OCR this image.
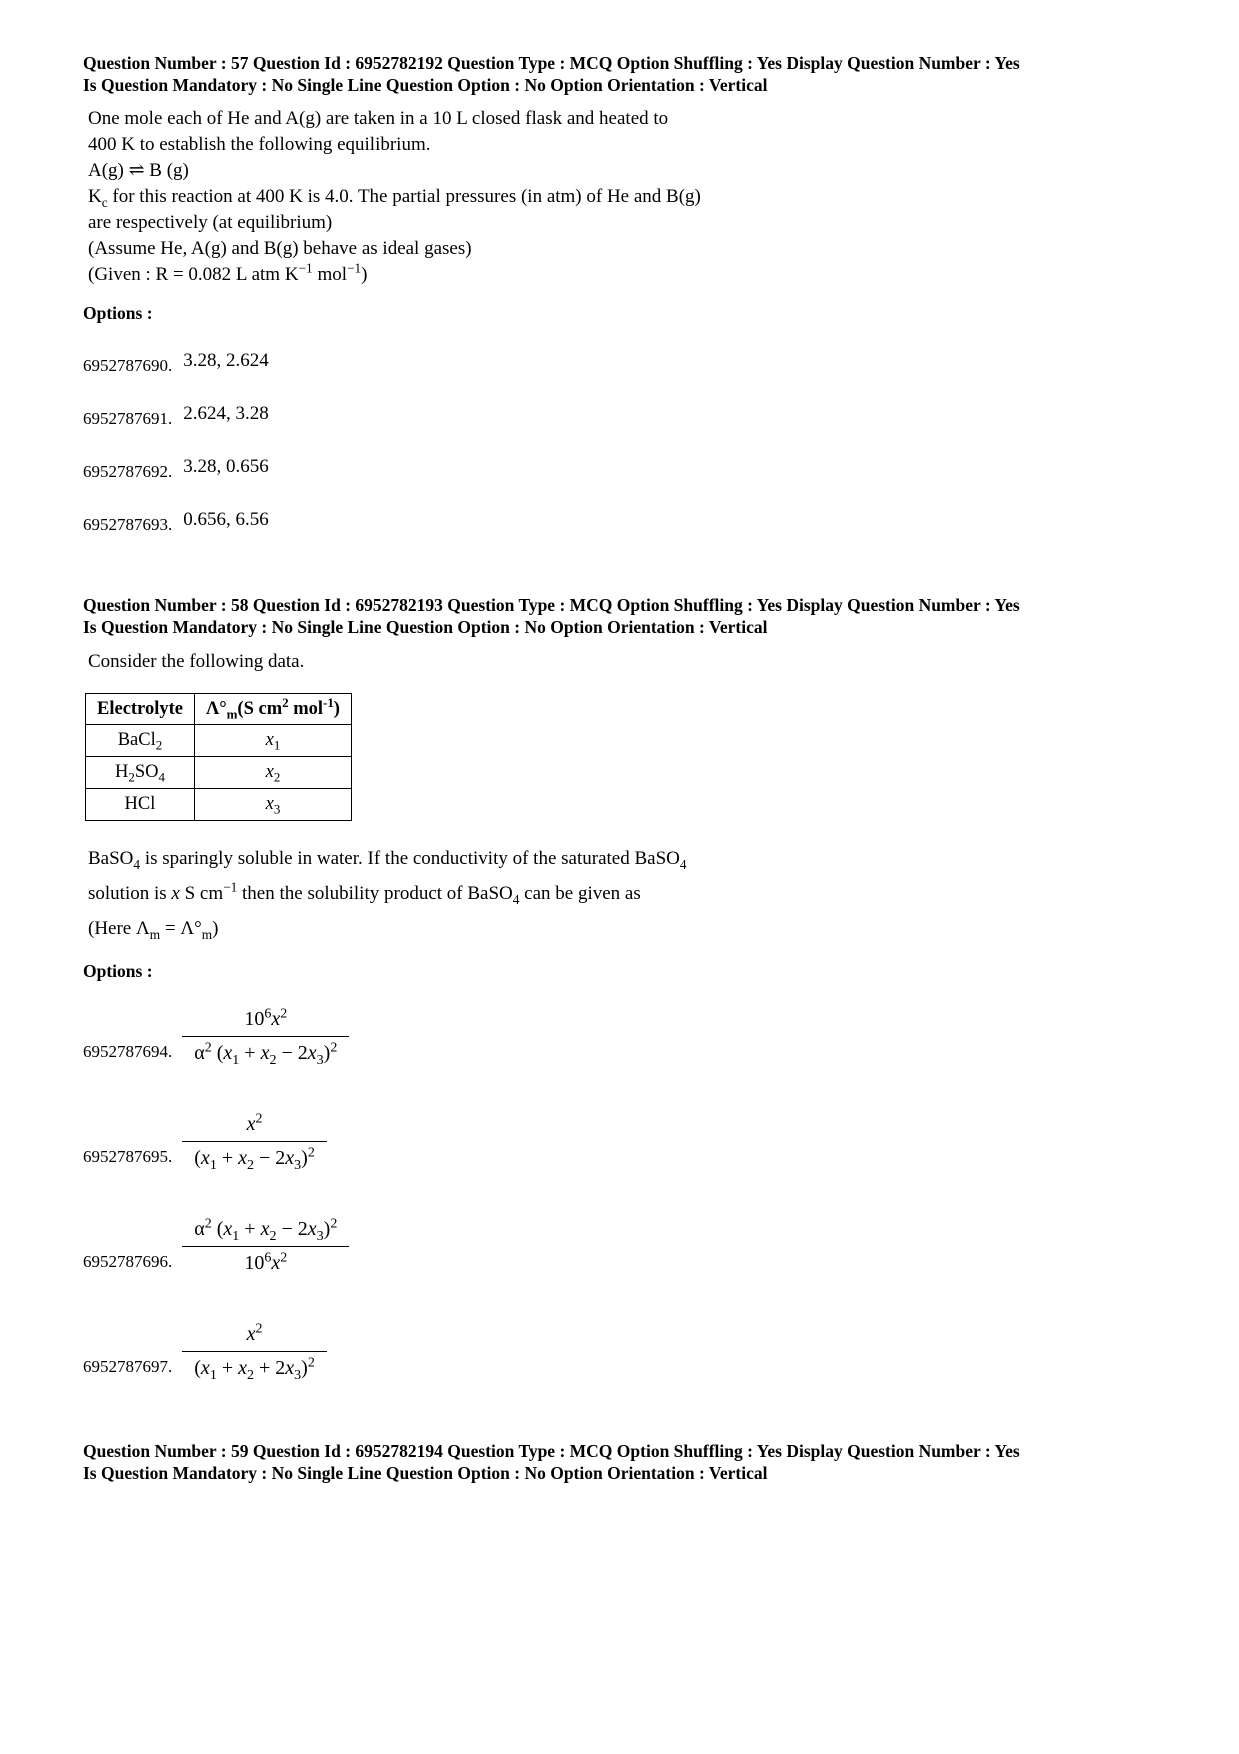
Question Number : 57 Question Id : 6952782192 Question Type : MCQ Option Shuffling : Yes Display Question Number : Yes Is Question Mandatory : No Single Line Question Option : No Option Orientation : Vertical
One mole each of He and A(g) are taken in a 10 L closed flask and heated to
400 K to establish the following equilibrium.
A(g) ⇌ B (g)
$K_c$ for this reaction at 400 K is 4.0. The partial pressures (in atm) of He and B(g)
are respectively (at equilibrium)
(Assume He, A(g) and B(g) behave as ideal gases)
(Given : R = 0.082 L atm $K^{-1}$ mol$^{-1}$)
Options :
6952787690. 3.28, 2.624
6952787691. 2.624, 3.28
6952787692. 3.28, 0.656
6952787693. 0.656, 6.56
Question Number : 58 Question Id : 6952782193 Question Type : MCQ Option Shuffling : Yes Display Question Number : Yes Is Question Mandatory : No Single Line Question Option : No Option Orientation : Vertical
Consider the following data.
Electrolyte	$\Lambda^\circ_m(S$ $cm^2$ mol$^{-1}$)
BaCl$_2$	$x_1$
$H_2SO_4$	$x_2$
HCl	$x_3$
BaSO$_4$ is sparingly soluble in water. If the conductivity of the saturated BaSO$_4$
solution is x S $cm^{-1}$ then the solubility product of BaSO$_4$ can be given as
(Here $\Lambda_m = \Lambda^\circ_m$)
Options :
6952787694. $\frac{10^6x^2}{\alpha^2 (x_1 + x_2 - 2x_3)^2}$
6952787695. $\frac{x^2}{(x_1 + x_2 - 2x_3)^2}$
6952787696. $\frac{\alpha^2 (x_1 + x_2 - 2x_3)^2}{10^6x^2}$
6952787697. $\frac{x^2}{(x_1 + x_2 + 2x_3)^2}$
Question Number : 59 Question Id : 6952782194 Question Type : MCQ Option Shuffling : Yes Display Question Number : Yes Is Question Mandatory : No Single Line Question Option : No Option Orientation : Vertical
